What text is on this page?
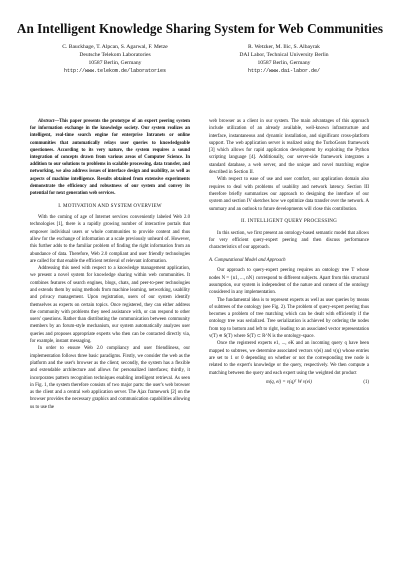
An Intelligent Knowledge Sharing System for Web Communities
C. Bauckhage, T. Alpcan, S. Agarwal, F. Metze
Deutsche Telekom Laboratories
10587 Berlin, Germany
http://www.telekom.de/laboratories
R. Wetzker, M. Ilic, S. Albayrak
DAI Labor, Technical University Berlin
10587 Berlin, Germany
http://www.dai-labor.de/

Abstract—This paper presents the prototype of an expert peering system for information exchange in the knowledge society. Our system realizes an intelligent, real-time search engine for enterprise Intranets or online communities that automatically relays user queries to knowledgeable questionees. According to its very nature, the system requires a sound integration of concepts drawn from various areas of Computer Science. In addition to our solutions to problems in scalable processing, data transfer, and networking, we also address issues of interface design and usability, as well as aspects of machine intelligence. Results obtained from extensive experiments demonstrate the efficiency and robustness of our system and convey its potential for next generation web services.

I. MOTIVATION AND SYSTEM OVERVIEW

With the coming of age of Internet services conveniently labeled Web 2.0 technologies [1], there is a rapidly growing number of interactive portals that empower individual users or whole communities to provide content and thus allow for the exchange of information at a scale previously unheard of. However, this further adds to the familiar problem of finding the right information from an abundance of data. Therefore, Web 2.0 compliant and user friendly technologies are called for that enable the efficient retrieval of relevant information.

Addressing this need with respect to a knowledge management application, we present a novel system for knowledge sharing within web communities. It combines features of search engines, blogs, chats, and peer-to-peer technologies and extends them by using methods from machine learning, networking, usability and privacy management. Upon registration, users of our system identify themselves as experts on certain topics. Once registered, they can either address the community with problems they need assistance with, or can respond to other users' questions. Rather than distributing the communication between community members by an forum-style mechanism, our system automatically analyzes user queries and proposes appropriate experts who then can be contacted directly via, for example, instant messaging.

In order to ensure Web 2.0 compliancy and user friendliness, our implementation follows three basic paradigms. Firstly, we consider the web as the platform and the user's browser as the client; secondly, the system has a flexible and extendable architecture and allows for personalized interfaces; thirdly, it incorporates pattern recognition techniques enabling intelligent retrieval. As seen in Fig. 1, the system therefore consists of two major parts: the user's web browser as the client and a central web application server. The Ajax framework [2] on the browser provides the necessary graphics and communication capabilities allowing us to use the

web browser as a client in our system. The main advantages of this approach include utilization of an already available, well-known infrastructure and interface, instantaneous and dynamic installation, and significant cross-platform support. The web application server is realized using the TurboGears framework [3] which allows for rapid application development by exploiting the Python scripting language [4]. Additionally, our server-side framework integrates a standard database, a web server, and the unique and novel matching engine described in Section II.

With respect to ease of use and user comfort, our application domain also requires to deal with problems of usability and network latency. Section III therefore briefly summarizes our approach to designing the interface of our system and section IV sketches how we optimize data transfer over the network. A summary and an outlook to future developments will close this contribution.

II. INTELLIGENT QUERY PROCESSING

In this section, we first present an ontology-based semantic model that allows for very efficient query-expert peering and then discuss performance characteristics of our approach.

A. Computational Model and Approach

Our approach to query-expert peering requires an ontology tree T whose nodes N = {n1, ..., nN} correspond to different subjects. Apart from this structural assumption, our system is independent of the nature and content of the ontology considered in any implementation.

The fundamental idea is to represent experts as well as user queries by means of subtrees of the ontology (see Fig. 2). The problem of query-expert peering thus becomes a problem of tree matching which can be dealt with efficiently if the ontology tree was serialized. Tree serialization is achieved by ordering the nodes from top to bottom and left to right, leading to an associated vector representation v(T) ∈ S(T) where S(T) ⊂ R^N is the ontology-space.

Once the registered experts e1, ..., eK and an incoming query q have been mapped to subtrees, we determine associated vectors v(ei) and v(q) whose entries are set to 1 or 0 depending on whether or not the corresponding tree node is related to the expert's knowledge or the query, respectively. We then compute a matching between the query and each expert using the weighted dot product

m(q, ei) = v(q)ᵀ W v(ei)	(1)
